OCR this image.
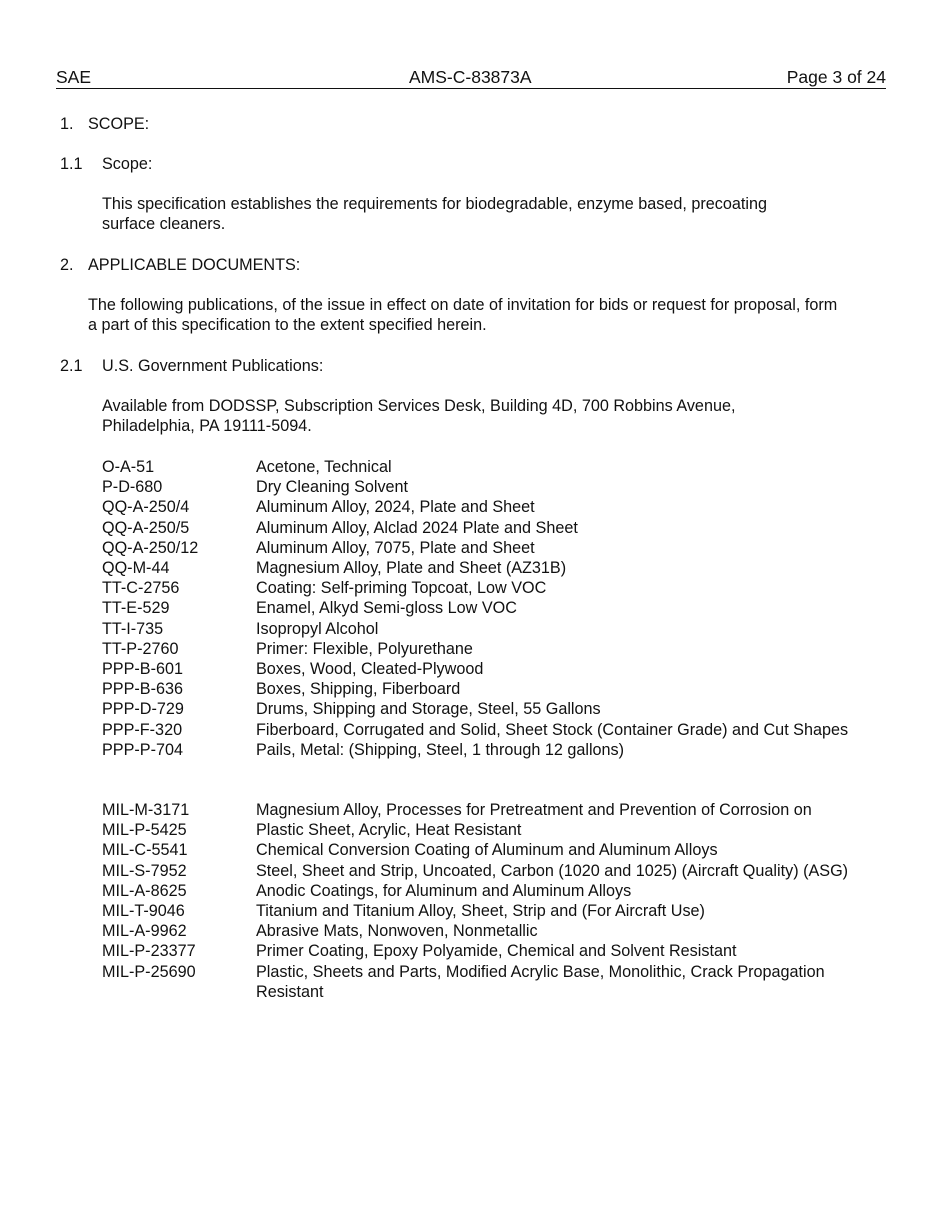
SAE	AMS-C-83873A	Page 3 of 24
1. SCOPE:
1.1 Scope:
This specification establishes the requirements for biodegradable, enzyme based, precoating surface cleaners.
2. APPLICABLE DOCUMENTS:
The following publications, of the issue in effect on date of invitation for bids or request for proposal, form a part of this specification to the extent specified herein.
2.1 U.S. Government Publications:
Available from DODSSP, Subscription Services Desk, Building 4D, 700 Robbins Avenue, Philadelphia, PA 19111-5094.
O-A-51	Acetone, Technical
P-D-680	Dry Cleaning Solvent
QQ-A-250/4	Aluminum Alloy, 2024, Plate and Sheet
QQ-A-250/5	Aluminum Alloy, Alclad 2024 Plate and Sheet
QQ-A-250/12	Aluminum Alloy, 7075, Plate and Sheet
QQ-M-44	Magnesium Alloy, Plate and Sheet (AZ31B)
TT-C-2756	Coating: Self-priming Topcoat, Low VOC
TT-E-529	Enamel, Alkyd Semi-gloss Low VOC
TT-I-735	Isopropyl Alcohol
TT-P-2760	Primer: Flexible, Polyurethane
PPP-B-601	Boxes, Wood, Cleated-Plywood
PPP-B-636	Boxes, Shipping, Fiberboard
PPP-D-729	Drums, Shipping and Storage, Steel, 55 Gallons
PPP-F-320	Fiberboard, Corrugated and Solid, Sheet Stock (Container Grade) and Cut Shapes
PPP-P-704	Pails, Metal: (Shipping, Steel, 1 through 12 gallons)
MIL-M-3171	Magnesium Alloy, Processes for Pretreatment and Prevention of Corrosion on
MIL-P-5425	Plastic Sheet, Acrylic, Heat Resistant
MIL-C-5541	Chemical Conversion Coating of Aluminum and Aluminum Alloys
MIL-S-7952	Steel, Sheet and Strip, Uncoated, Carbon (1020 and 1025) (Aircraft Quality) (ASG)
MIL-A-8625	Anodic Coatings, for Aluminum and Aluminum Alloys
MIL-T-9046	Titanium and Titanium Alloy, Sheet, Strip and (For Aircraft Use)
MIL-A-9962	Abrasive Mats, Nonwoven, Nonmetallic
MIL-P-23377	Primer Coating, Epoxy Polyamide, Chemical and Solvent Resistant
MIL-P-25690	Plastic, Sheets and Parts, Modified Acrylic Base, Monolithic, Crack Propagation Resistant
